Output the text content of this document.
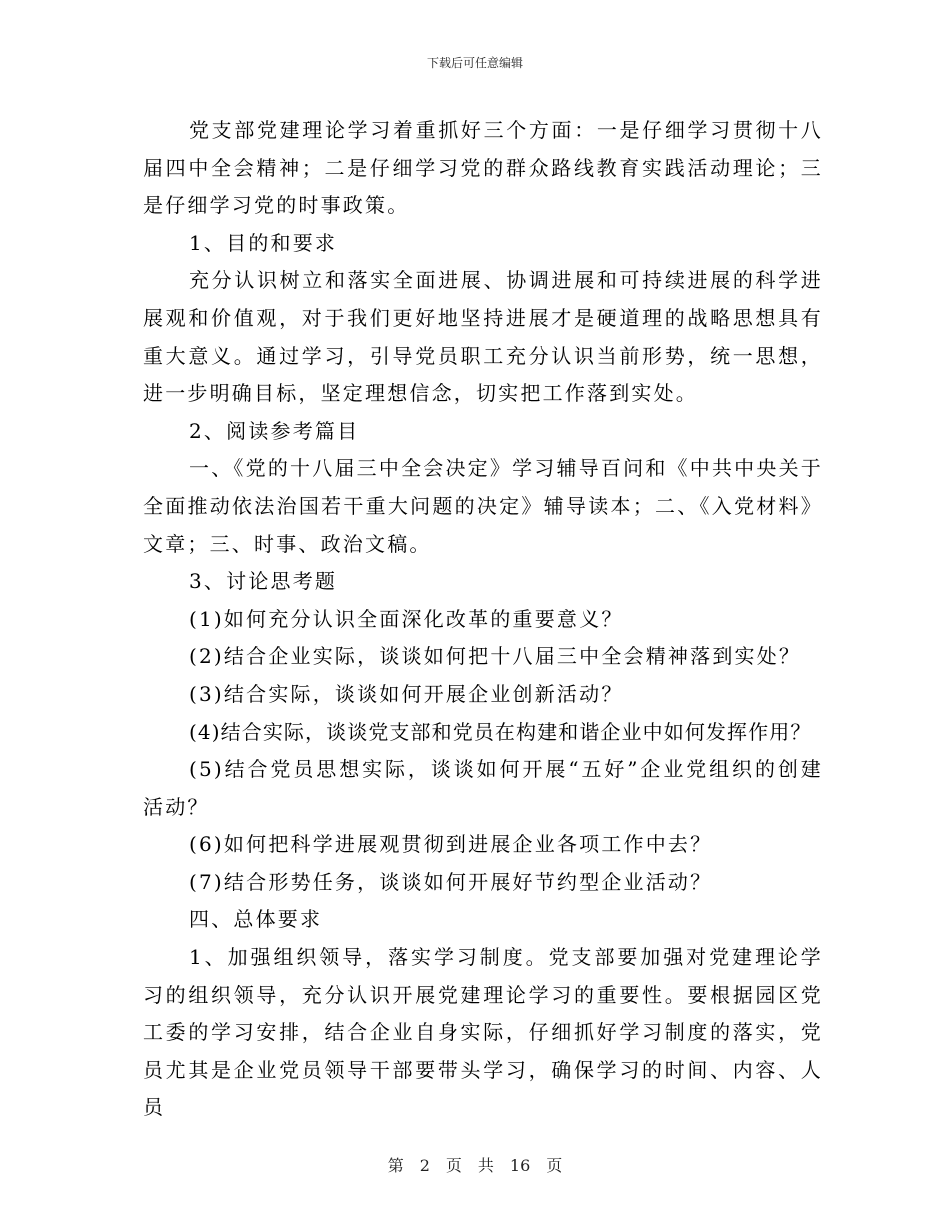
下载后可任意编辑

党支部党建理论学习着重抓好三个方面：一是仔细学习贯彻十八届四中全会精神；二是仔细学习党的群众路线教育实践活动理论；三是仔细学习党的时事政策。

1、目的和要求

充分认识树立和落实全面进展、协调进展和可持续进展的科学进展观和价值观，对于我们更好地坚持进展才是硬道理的战略思想具有重大意义。通过学习，引导党员职工充分认识当前形势，统一思想，进一步明确目标，坚定理想信念，切实把工作落到实处。

2、阅读参考篇目

一、《党的十八届三中全会决定》学习辅导百问和《中共中央关于全面推动依法治国若干重大问题的决定》辅导读本；二、《入党材料》文章；三、时事、政治文稿。

3、讨论思考题

(1)如何充分认识全面深化改革的重要意义？

(2)结合企业实际，谈谈如何把十八届三中全会精神落到实处？

(3)结合实际，谈谈如何开展企业创新活动？

(4)结合实际，谈谈党支部和党员在构建和谐企业中如何发挥作用？

(5)结合党员思想实际，谈谈如何开展“五好”企业党组织的创建活动？

(6)如何把科学进展观贯彻到进展企业各项工作中去？

(7)结合形势任务，谈谈如何开展好节约型企业活动？

四、总体要求

1、加强组织领导，落实学习制度。党支部要加强对党建理论学习的组织领导，充分认识开展党建理论学习的重要性。要根据园区党工委的学习安排，结合企业自身实际，仔细抓好学习制度的落实，党员尤其是企业党员领导干部要带头学习，确保学习的时间、内容、人员

第 2 页 共 16 页
